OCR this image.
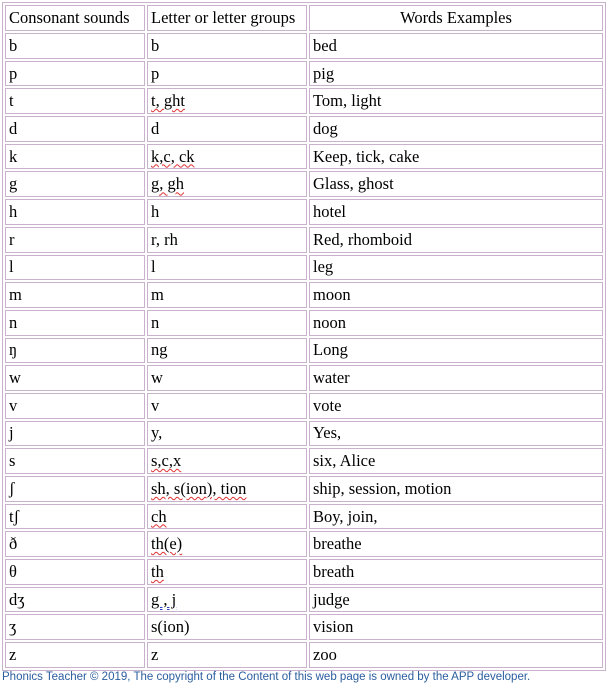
Consonant sounds	Letter or letter groups	Words Examples
b	b	bed
p	p	pig
t	t, ght	Tom, light
d	d	dog
k	k,c, ck	Keep, tick, cake
g	g, gh	Glass, ghost
h	h	hotel
r	r, rh	Red, rhomboid
l	l	leg
m	m	moon
n	n	noon
ŋ	ng	Long
w	w	water
v	v	vote
j	y,	Yes,
s	s,c,x	six, Alice
ʃ	sh, s(ion), tion	ship, session, motion
tʃ	ch	Boy, join,
ð	th(e)	breathe
θ	th	breath
dʒ	g , j	judge
ʒ	s(ion)	vision
z	z	zoo
Phonics Teacher © 2019, The copyright of the Content of this web page is owned by the APP developer.
